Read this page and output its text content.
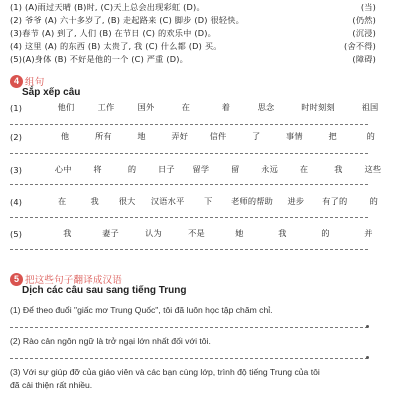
(1) (A)雨过天晴 (B)时, (C)天上总会出现彩虹 (D)。	(当)
(2) 爷爷 (A) 六十多岁了, (B) 走起路来 (C) 脚步 (D) 很轻快。	(仍然)
(3)春节 (A) 到了, 人们 (B) 在节日 (C) 的欢乐中 (D)。	(沉浸)
(4) 这里 (A) 的东西 (B) 太贵了, 我 (C) 什么都 (D) 买。	(舍不得)
(5)(A)身体 (B) 不好是他的一个 (C) 严重 (D)。	(障碍)
4 组句
Sắp xếp câu
(1)	他们	工作	国外	在	着	思念	时时刻刻	祖国
(2)	他	所有	地	弄好	信件	了	事情	把	的
(3)	心中	将	的	日子	留学	留	永远	在	我	这些
(4)	在	我	很大	汉语水平	下	老师的帮助	进步	有了的	的
(5)	我	妻子	认为	不是	她	我	的	并
5 把这些句子翻译成汉语
Dịch các câu sau sang tiếng Trung
(1) Để theo đuổi "giấc mơ Trung Quốc", tôi đã luôn học tập chăm chỉ.
(2) Rào cản ngôn ngữ là trở ngại lớn nhất đối với tôi.
(3) Với sự giúp đỡ của giáo viên và các bạn cùng lớp, trình độ tiếng Trung của tôi
đã cải thiện rất nhiều.
